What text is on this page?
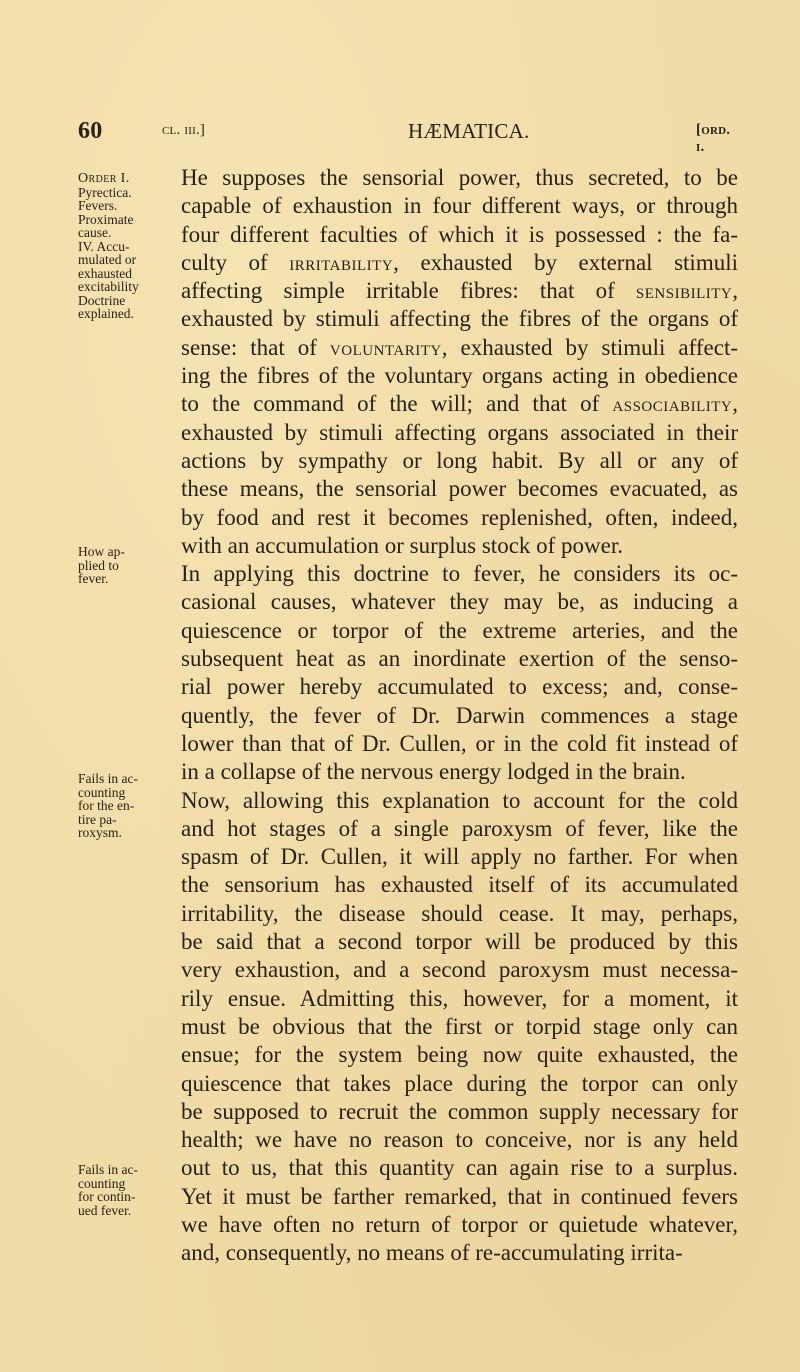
60	cl. iii.]	HÆMATICA.	[ord. i.
Order I.
Pyrectica.
Fevers.
Proximate
cause.
IV. Accu-
mulated or
exhausted
excitability
Doctrine
explained.
How ap-
plied to
fever.
Fails in ac-
counting
for the en-
tire pa-
roxysm.
Fails in ac-
counting
for contin-
ued fever.

He supposes the sensorial power, thus secreted, to be
capable of exhaustion in four different ways, or through
four different faculties of which it is possessed : the fa-
culty of irritability, exhausted by external stimuli
affecting simple irritable fibres: that of sensibility,
exhausted by stimuli affecting the fibres of the organs of
sense: that of voluntarity, exhausted by stimuli affect-
ing the fibres of the voluntary organs acting in obedience
to the command of the will; and that of associability,
exhausted by stimuli affecting organs associated in their
actions by sympathy or long habit. By all or any of
these means, the sensorial power becomes evacuated, as
by food and rest it becomes replenished, often, indeed,
with an accumulation or surplus stock of power.

In applying this doctrine to fever, he considers its oc-
casional causes, whatever they may be, as inducing a
quiescence or torpor of the extreme arteries, and the
subsequent heat as an inordinate exertion of the senso-
rial power hereby accumulated to excess; and, conse-
quently, the fever of Dr. Darwin commences a stage
lower than that of Dr. Cullen, or in the cold fit instead of
in a collapse of the nervous energy lodged in the brain.

Now, allowing this explanation to account for the cold
and hot stages of a single paroxysm of fever, like the
spasm of Dr. Cullen, it will apply no farther. For when
the sensorium has exhausted itself of its accumulated
irritability, the disease should cease. It may, perhaps,
be said that a second torpor will be produced by this
very exhaustion, and a second paroxysm must necessa-
rily ensue. Admitting this, however, for a moment, it
must be obvious that the first or torpid stage only can
ensue; for the system being now quite exhausted, the
quiescence that takes place during the torpor can only
be supposed to recruit the common supply necessary for
health; we have no reason to conceive, nor is any held
out to us, that this quantity can again rise to a surplus.
Yet it must be farther remarked, that in continued fevers
we have often no return of torpor or quietude whatever,
and, consequently, no means of re-accumulating irrita-
